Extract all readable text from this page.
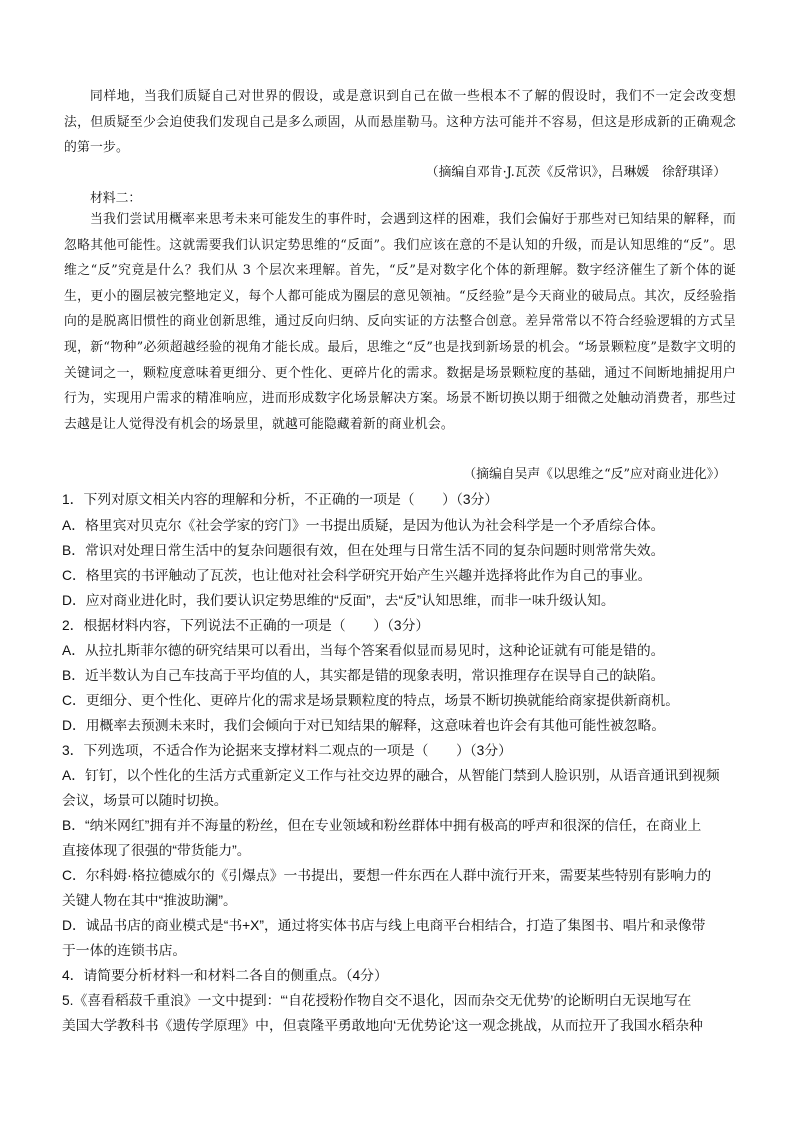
同样地，当我们质疑自己对世界的假设，或是意识到自己在做一些根本不了解的假设时，我们不一定会改变想法，但质疑至少会迫使我们发现自己是多么顽固，从而悬崖勒马。这种方法可能并不容易，但这是形成新的正确观念的第一步。
（摘编自邓肯·J.瓦茨《反常识》，吕琳媛　徐舒琪译）
材料二：
当我们尝试用概率来思考未来可能发生的事件时，会遇到这样的困难，我们会偏好于那些对已知结果的解释，而忽略其他可能性。这就需要我们认识定势思维的“反面”。我们应该在意的不是认知的升级，而是认知思维的“反”。思维之“反”究竟是什么？我们从 3 个层次来理解。首先，“反”是对数字化个体的新理解。数字经济催生了新个体的诞生，更小的圈层被完整地定义，每个人都可能成为圈层的意见领袖。“反经验”是今天商业的破局点。其次，反经验指向的是脱离旧惯性的商业创新思维，通过反向归纳、反向实证的方法整合创意。差异常常以不符合经验逻辑的方式呈现，新“物种”必须超越经验的视角才能长成。最后，思维之“反”也是找到新场景的机会。“场景颗粒度”是数字文明的关键词之一，颗粒度意味着更细分、更个性化、更碎片化的需求。数据是场景颗粒度的基础，通过不间断地捕捉用户行为，实现用户需求的精准响应，进而形成数字化场景解决方案。场景不断切换以期于细微之处触动消费者，那些过去越是让人觉得没有机会的场景里，就越可能隐藏着新的商业机会。
（摘编自吴声《以思维之“反”应对商业进化》）
1．下列对原文相关内容的理解和分析，不正确的一项是（　　）（3分）
A．格里宾对贝克尔《社会学家的窍门》一书提出质疑，是因为他认为社会科学是一个矛盾综合体。
B．常识对处理日常生活中的复杂问题很有效，但在处理与日常生活不同的复杂问题时则常常失效。
C．格里宾的书评触动了瓦茨，也让他对社会科学研究开始产生兴趣并选择将此作为自己的事业。
D．应对商业进化时，我们要认识定势思维的“反面”，去“反”认知思维，而非一味升级认知。
2．根据材料内容，下列说法不正确的一项是（　　）（3分）
A．从拉扎斯菲尔德的研究结果可以看出，当每个答案看似显而易见时，这种论证就有可能是错的。
B．近半数认为自己车技高于平均值的人，其实都是错的现象表明，常识推理存在误导自己的缺陷。
C．更细分、更个性化、更碎片化的需求是场景颗粒度的特点，场景不断切换就能给商家提供新商机。
D．用概率去预测未来时，我们会倾向于对已知结果的解释，这意味着也许会有其他可能性被忽略。
3．下列选项，不适合作为论据来支撑材料二观点的一项是（　　）（3分）
A．钉钉，以个性化的生活方式重新定义工作与社交边界的融合，从智能门禁到人脸识别，从语音通讯到视频
会议，场景可以随时切换。
B．“纳米网红”拥有并不海量的粉丝，但在专业领域和粉丝群体中拥有极高的呼声和很深的信任，在商业上
直接体现了很强的“带货能力”。
C．尔科姆·格拉德威尔的《引爆点》一书提出，要想一件东西在人群中流行开来，需要某些特别有影响力的
关键人物在其中“推波助澜”。
D．诚品书店的商业模式是“书+X”，通过将实体书店与线上电商平台相结合，打造了集图书、唱片和录像带
于一体的连锁书店。
4．请简要分析材料一和材料二各自的侧重点。（4分）
5.《喜看稻菽千重浪》一文中提到：“‘自花授粉作物自交不退化，因而杂交无优势’的论断明白无误地写在
美国大学教科书《遗传学原理》中，但袁隆平勇敢地向‘无优势论’这一观念挑战，从而拉开了我国水稻杂种
